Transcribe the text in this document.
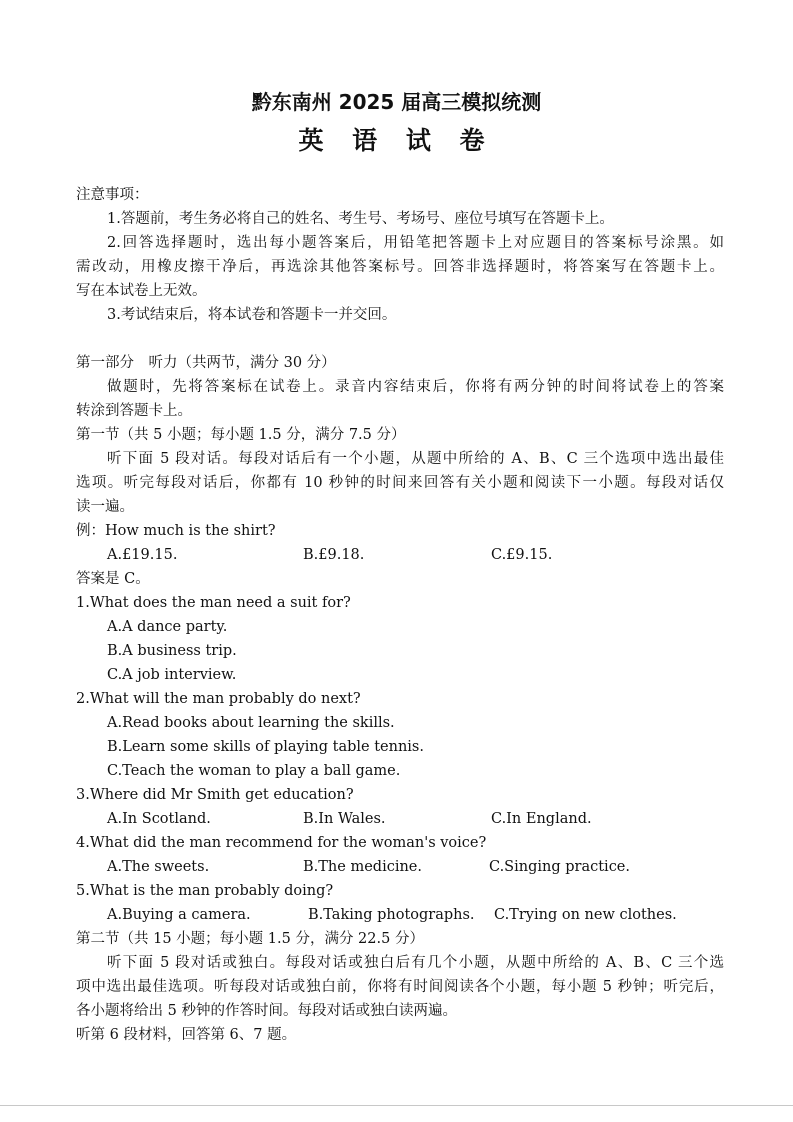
黔东南州 2025 届高三模拟统测
英 语 试 卷
注意事项：
1.答题前，考生务必将自己的姓名、考生号、考场号、座位号填写在答题卡上。
2.回答选择题时，选出每小题答案后，用铅笔把答题卡上对应题目的答案标号涂黑。如
需改动，用橡皮擦干净后，再选涂其他答案标号。回答非选择题时，将答案写在答题卡上。
写在本试卷上无效。
3.考试结束后，将本试卷和答题卡一并交回。
第一部分　听力（共两节，满分 30 分）
做题时，先将答案标在试卷上。录音内容结束后，你将有两分钟的时间将试卷上的答案
转涂到答题卡上。
第一节（共 5 小题；每小题 1.5 分，满分 7.5 分）
听下面 5 段对话。每段对话后有一个小题，从题中所给的 A、B、C 三个选项中选出最佳
选项。听完每段对话后，你都有 10 秒钟的时间来回答有关小题和阅读下一小题。每段对话仅
读一遍。
例：How much is the shirt?
A.£19.15.	B.£9.18.	C.£9.15.
答案是 C。
1.What does the man need a suit for?
A.A dance party.
B.A business trip.
C.A job interview.
2.What will the man probably do next?
A.Read books about learning the skills.
B.Learn some skills of playing table tennis.
C.Teach the woman to play a ball game.
3.Where did Mr Smith get education?
A.In Scotland.	B.In Wales.	C.In England.
4.What did the man recommend for the woman's voice?
A.The sweets.	B.The medicine.	C.Singing practice.
5.What is the man probably doing?
A.Buying a camera.	B.Taking photographs. C.Trying on new clothes.
第二节（共 15 小题；每小题 1.5 分，满分 22.5 分）
听下面 5 段对话或独白。每段对话或独白后有几个小题，从题中所给的 A、B、C 三个选
项中选出最佳选项。听每段对话或独白前，你将有时间阅读各个小题，每小题 5 秒钟；听完后，
各小题将给出 5 秒钟的作答时间。每段对话或独白读两遍。
听第 6 段材料，回答第 6、7 题。
